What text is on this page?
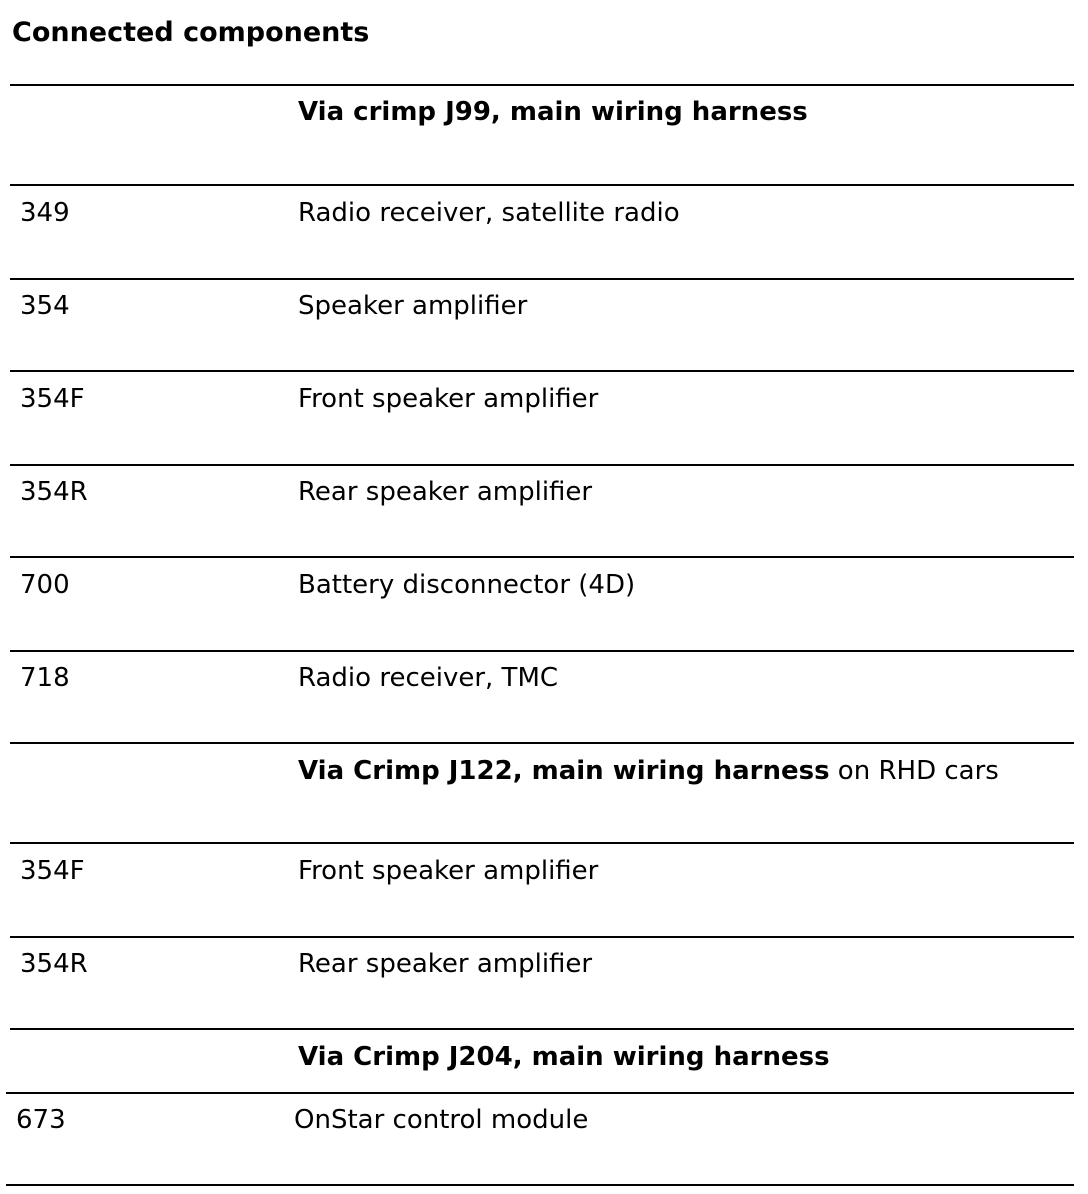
Connected components
Via crimp J99, main wiring harness
349	Radio receiver, satellite radio
354	Speaker amplifier
354F	Front speaker amplifier
354R	Rear speaker amplifier
700	Battery disconnector (4D)
718	Radio receiver, TMC
Via Crimp J122, main wiring harness on RHD cars
354F	Front speaker amplifier
354R	Rear speaker amplifier
Via Crimp J204, main wiring harness
673	OnStar control module
